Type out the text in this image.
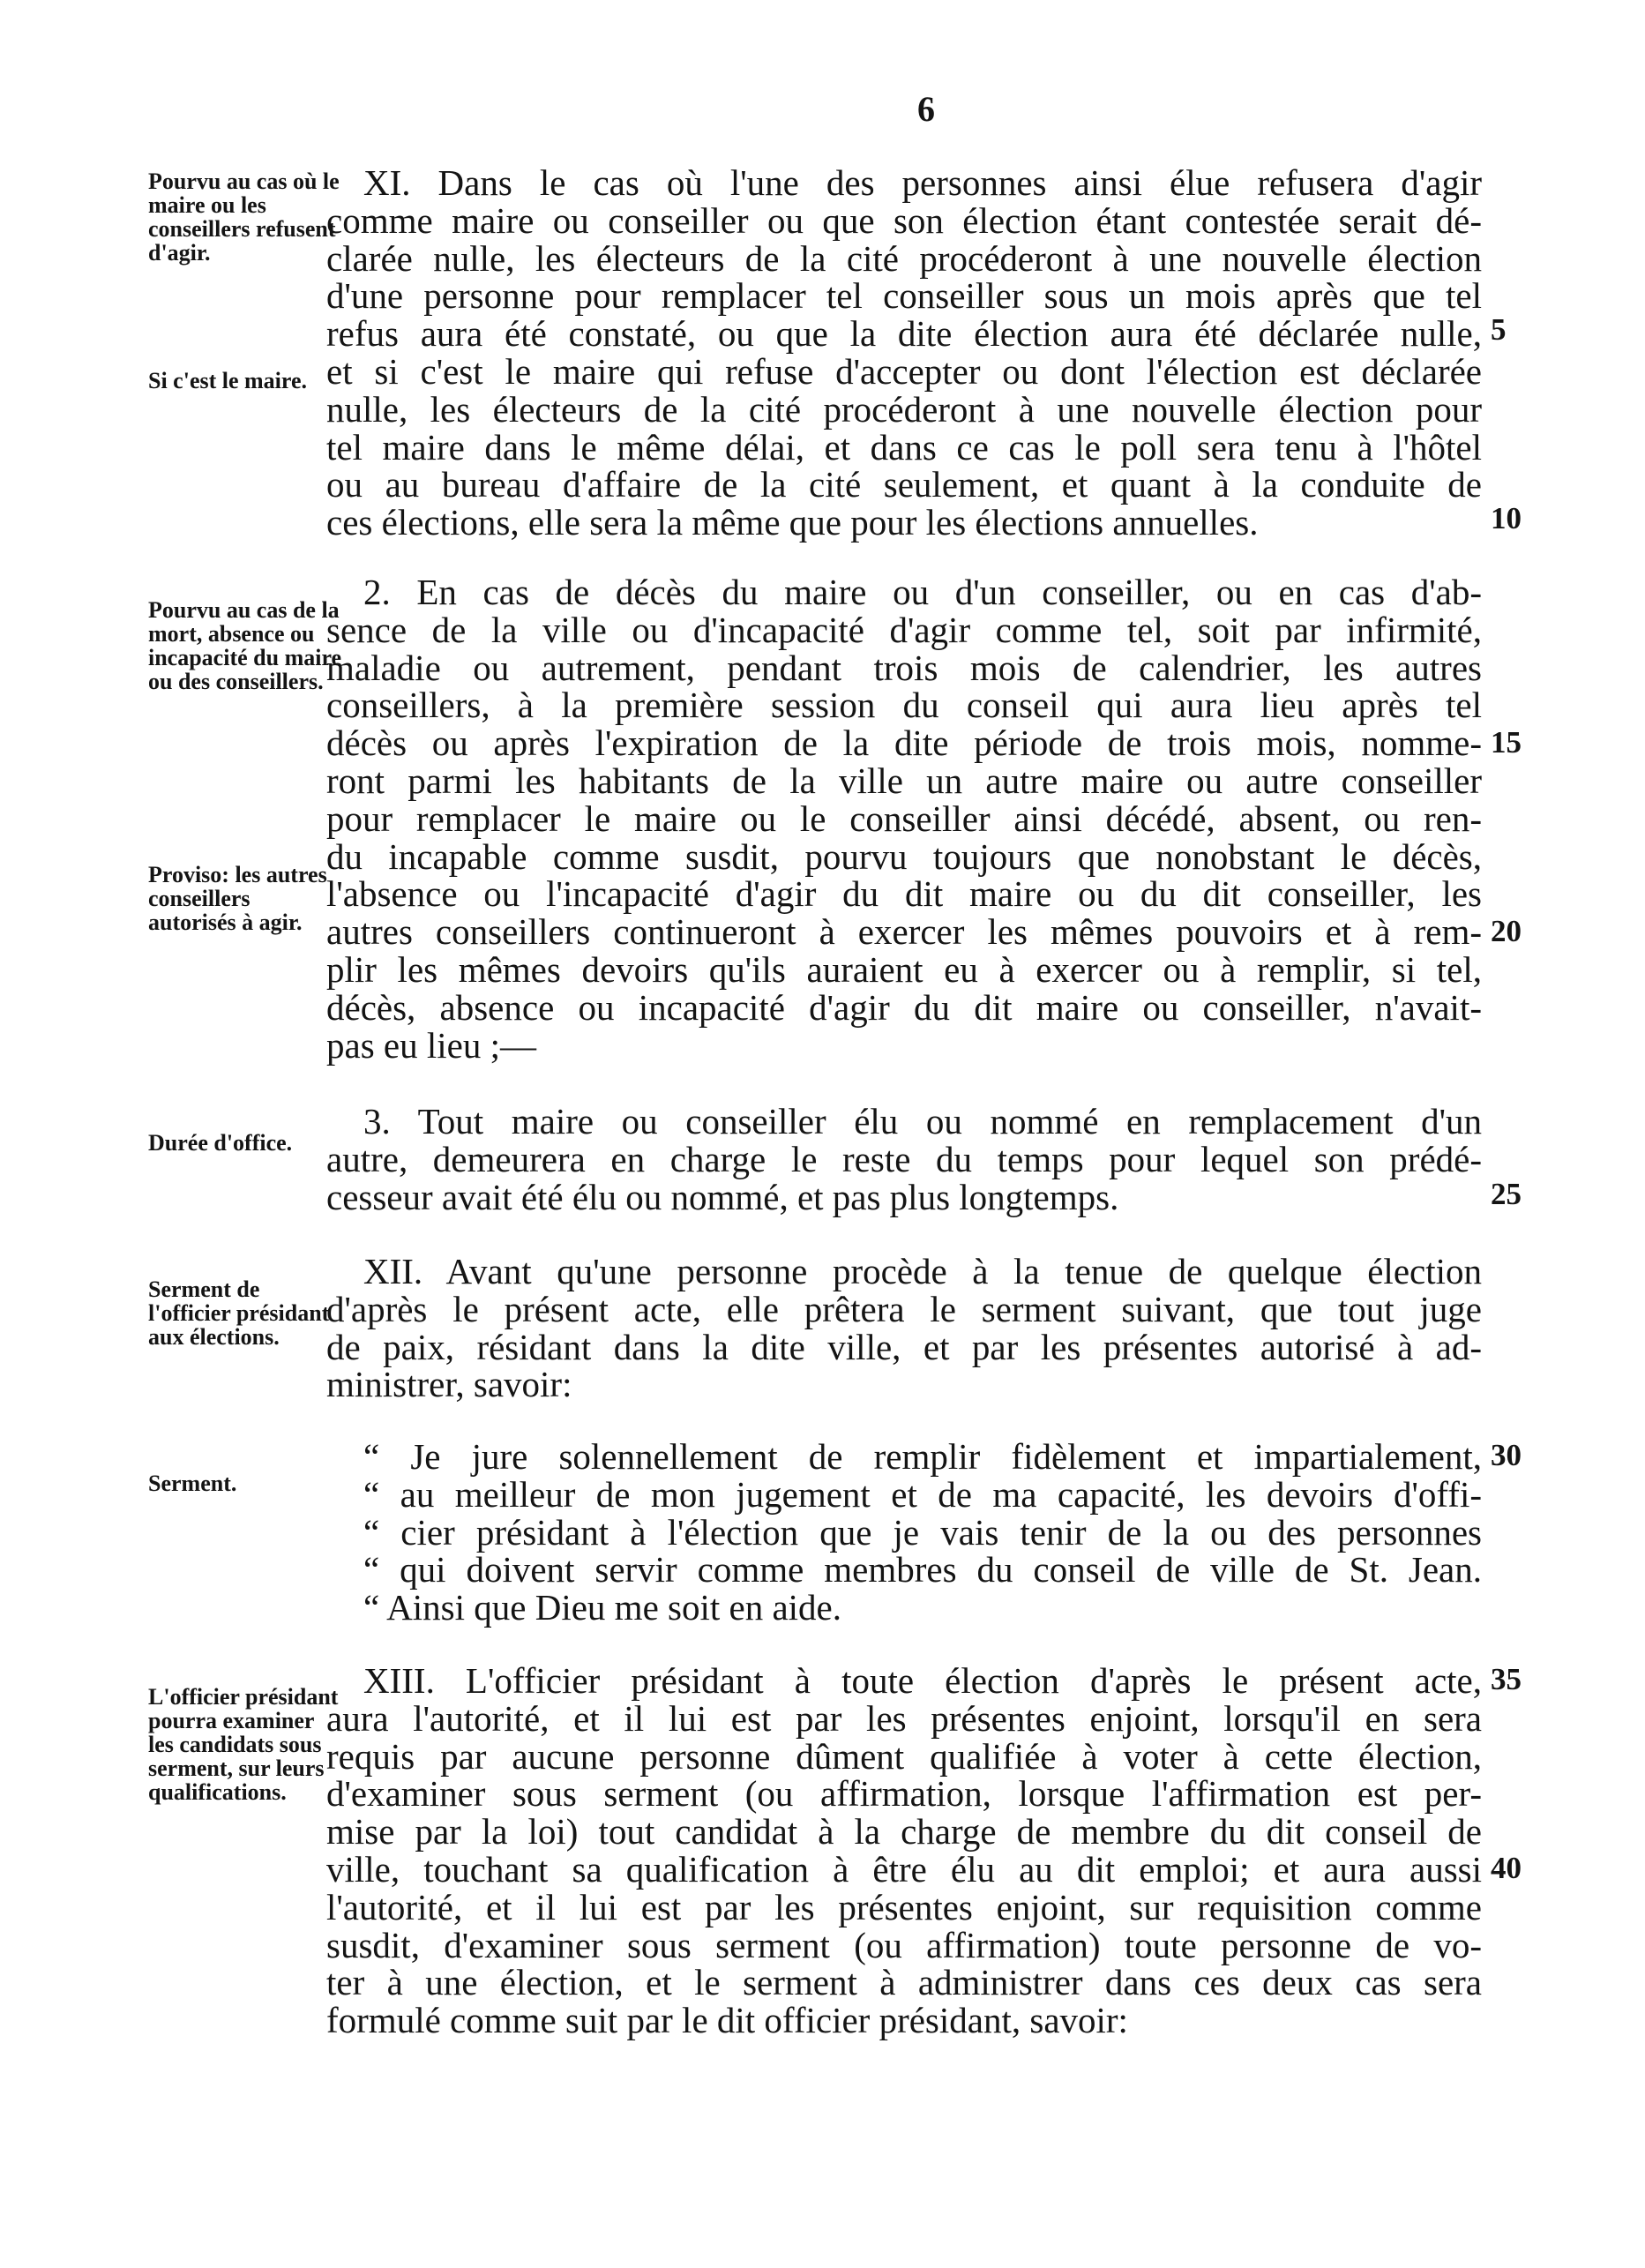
6
Pourvu au cas où le maire ou les conseillers refusent d'agir.
Si c'est le maire.
Pourvu au cas de la mort, absence ou incapacité du maire ou des conseillers.
Proviso: les autres conseillers autorisés à agir.
Durée d'office.
Serment de l'officier présidant aux élections.
Serment.
L'officier présidant pourra examiner les candidats sous serment, sur leurs qualifications.
XI. Dans le cas où l'une des personnes ainsi élue refusera d'agir
comme maire ou conseiller ou que son élection étant contestée serait dé-
clarée nulle, les électeurs de la cité procéderont à une nouvelle élection
d'une personne pour remplacer tel conseiller sous un mois après que tel
refus aura été constaté, ou que la dite élection aura été déclarée nulle,
et si c'est le maire qui refuse d'accepter ou dont l'élection est déclarée
nulle, les électeurs de la cité procéderont à une nouvelle élection pour
tel maire dans le même délai, et dans ce cas le poll sera tenu à l'hôtel
ou au bureau d'affaire de la cité seulement, et quant à la conduite de
ces élections, elle sera la même que pour les élections annuelles.
2. En cas de décès du maire ou d'un conseiller, ou en cas d'ab-
sence de la ville ou d'incapacité d'agir comme tel, soit par infirmité,
maladie ou autrement, pendant trois mois de calendrier, les autres
conseillers, à la première session du conseil qui aura lieu après tel
décès ou après l'expiration de la dite période de trois mois, nomme-
ront parmi les habitants de la ville un autre maire ou autre conseiller
pour remplacer le maire ou le conseiller ainsi décédé, absent, ou ren-
du incapable comme susdit, pourvu toujours que nonobstant le décès,
l'absence ou l'incapacité d'agir du dit maire ou du dit conseiller, les
autres conseillers continueront à exercer les mêmes pouvoirs et à rem-
plir les mêmes devoirs qu'ils auraient eu à exercer ou à remplir, si tel,
décès, absence ou incapacité d'agir du dit maire ou conseiller, n'avait-
pas eu lieu ;—
3. Tout maire ou conseiller élu ou nommé en remplacement d'un
autre, demeurera en charge le reste du temps pour lequel son prédé-
cesseur avait été élu ou nommé, et pas plus longtemps.
XII. Avant qu'une personne procède à la tenue de quelque élection
d'après le présent acte, elle prêtera le serment suivant, que tout juge
de paix, résidant dans la dite ville, et par les présentes autorisé à ad-
ministrer, savoir:
“ Je jure solennellement de remplir fidèlement et impartialement,
“ au meilleur de mon jugement et de ma capacité, les devoirs d'offi-
“ cier présidant à l'élection que je vais tenir de la ou des personnes
“ qui doivent servir comme membres du conseil de ville de St. Jean.
“ Ainsi que Dieu me soit en aide.
XIII. L'officier présidant à toute élection d'après le présent acte,
aura l'autorité, et il lui est par les présentes enjoint, lorsqu'il en sera
requis par aucune personne dûment qualifiée à voter à cette élection,
d'examiner sous serment (ou affirmation, lorsque l'affirmation est per-
mise par la loi) tout candidat à la charge de membre du dit conseil de
ville, touchant sa qualification à être élu au dit emploi; et aura aussi
l'autorité, et il lui est par les présentes enjoint, sur requisition comme
susdit, d'examiner sous serment (ou affirmation) toute personne de vo-
ter à une élection, et le serment à administrer dans ces deux cas sera
formulé comme suit par le dit officier présidant, savoir:
5
10
15
20
25
30
35
40
